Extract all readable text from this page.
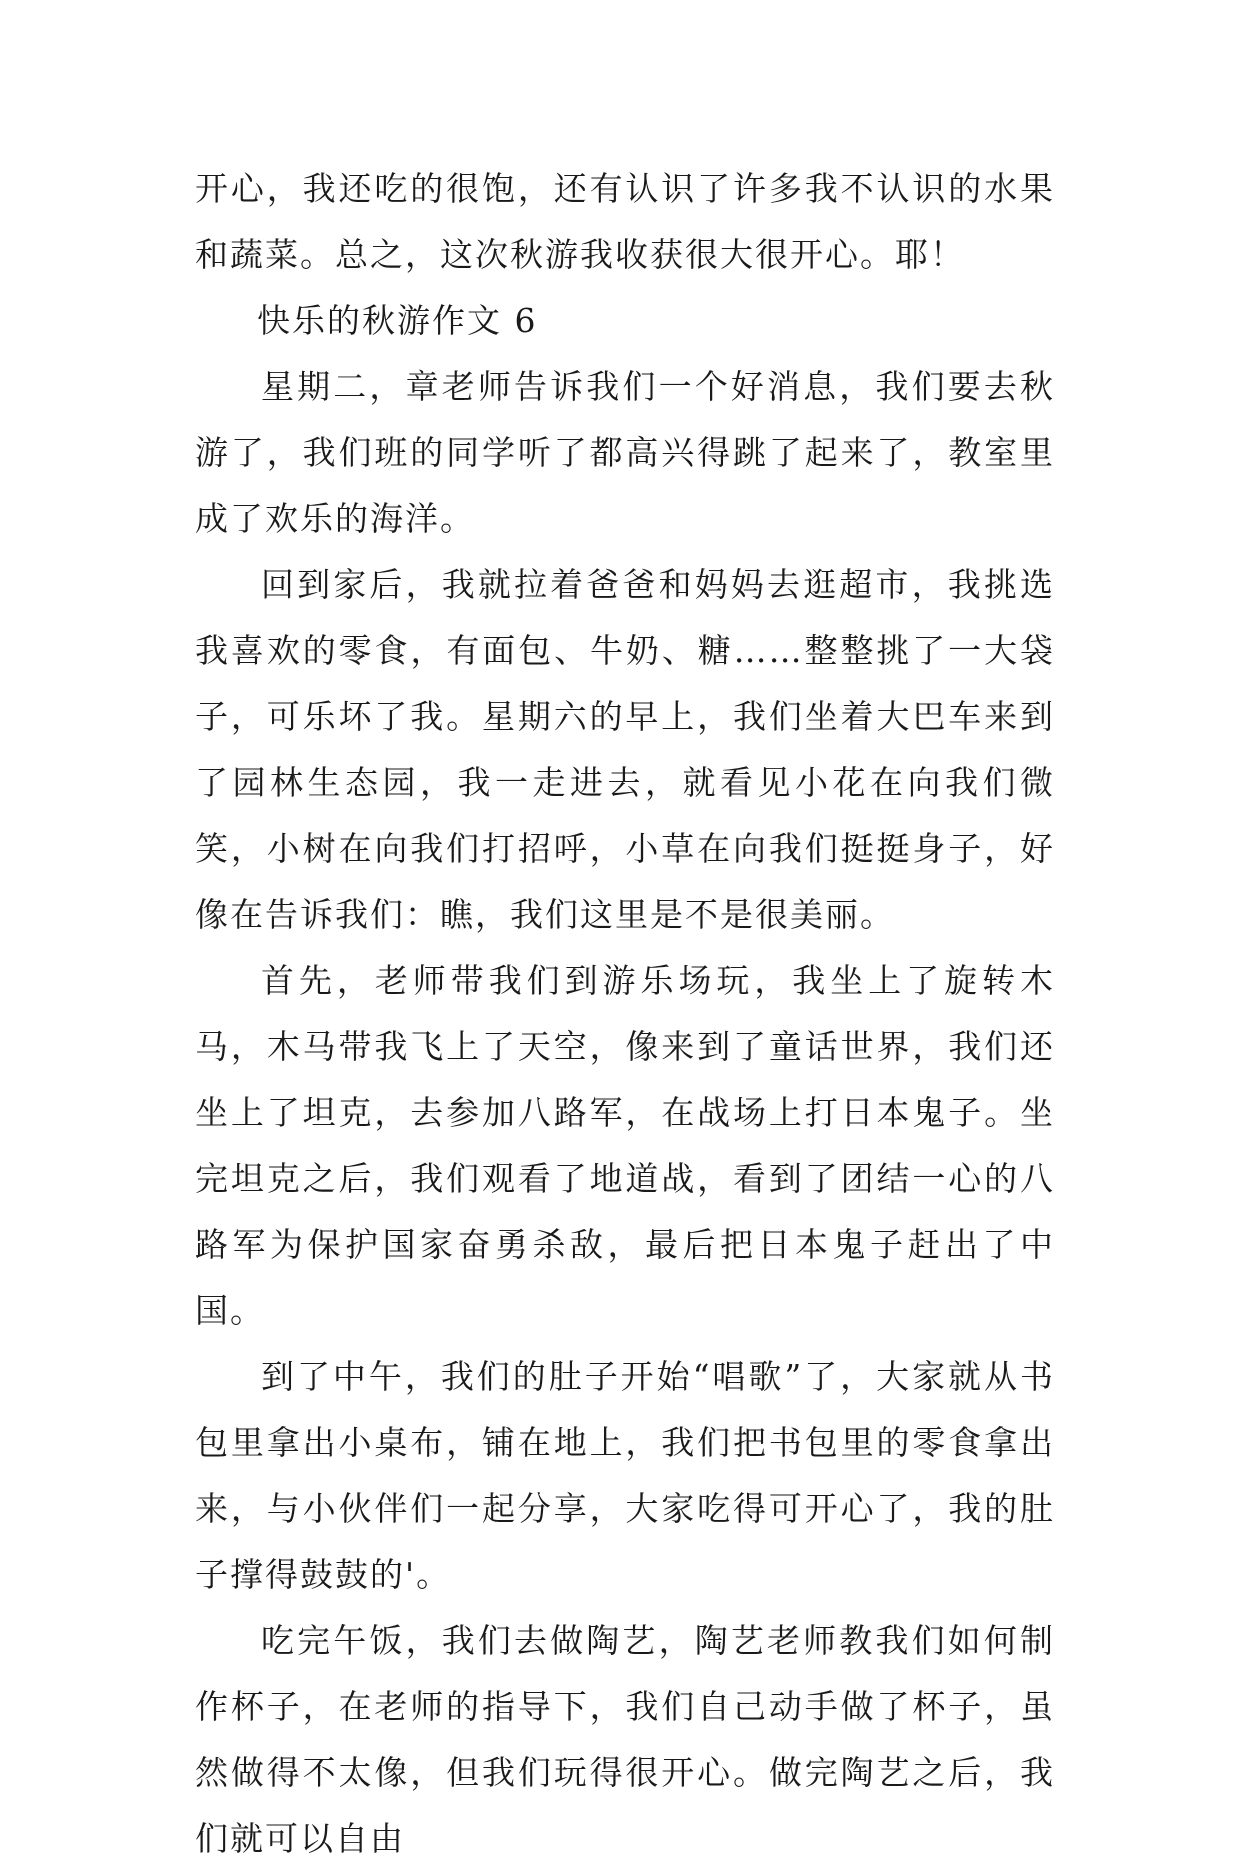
开心，我还吃的很饱，还有认识了许多我不认识的水果和蔬菜。总之，这次秋游我收获很大很开心。耶！

快乐的秋游作文 6

星期二，章老师告诉我们一个好消息，我们要去秋游了，我们班的同学听了都高兴得跳了起来了，教室里成了欢乐的海洋。

回到家后，我就拉着爸爸和妈妈去逛超市，我挑选我喜欢的零食，有面包、牛奶、糖……整整挑了一大袋子，可乐坏了我。星期六的早上，我们坐着大巴车来到了园林生态园，我一走进去，就看见小花在向我们微笑，小树在向我们打招呼，小草在向我们挺挺身子，好像在告诉我们：瞧，我们这里是不是很美丽。

首先，老师带我们到游乐场玩，我坐上了旋转木马，木马带我飞上了天空，像来到了童话世界，我们还坐上了坦克，去参加八路军，在战场上打日本鬼子。坐完坦克之后，我们观看了地道战，看到了团结一心的八路军为保护国家奋勇杀敌，最后把日本鬼子赶出了中国。

到了中午，我们的肚子开始“唱歌”了，大家就从书包里拿出小桌布，铺在地上，我们把书包里的零食拿出来，与小伙伴们一起分享，大家吃得可开心了，我的肚子撑得鼓鼓的'。

吃完午饭，我们去做陶艺，陶艺老师教我们如何制作杯子，在老师的指导下，我们自己动手做了杯子，虽然做得不太像，但我们玩得很开心。做完陶艺之后，我们就可以自由
